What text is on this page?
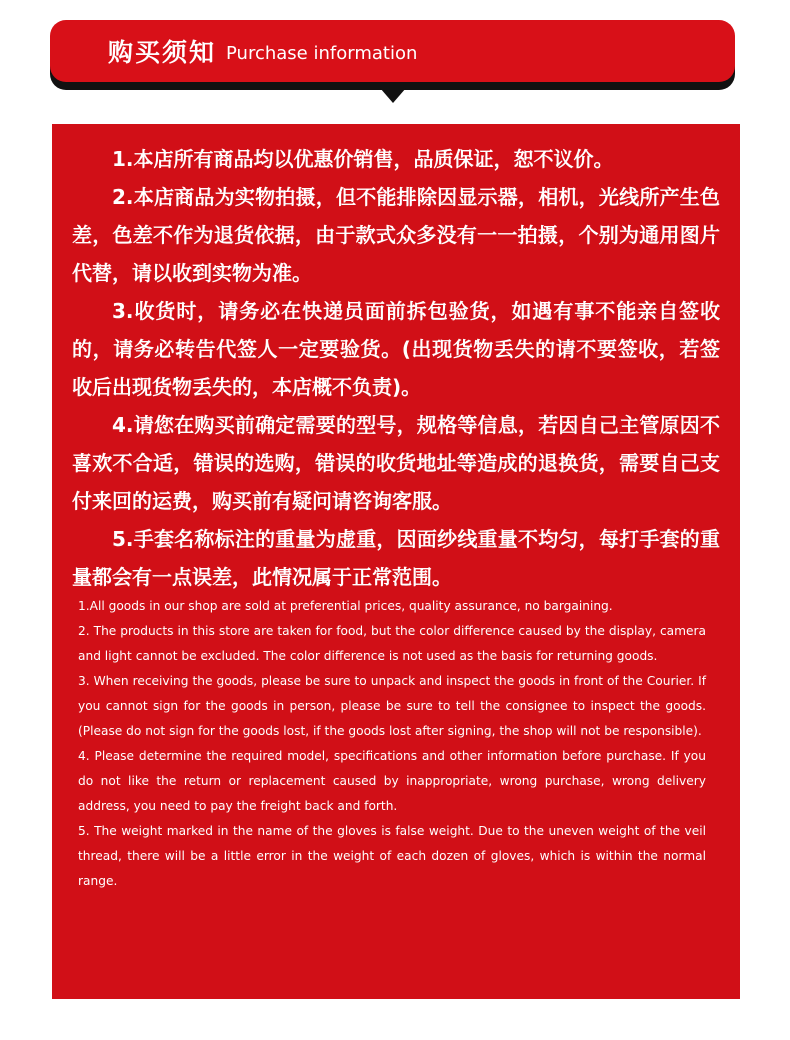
购买须知 Purchase information

1.本店所有商品均以优惠价销售，品质保证，恕不议价。

2.本店商品为实物拍摄，但不能排除因显示器，相机，光线所产生色差，色差不作为退货依据，由于款式众多没有一一拍摄，个别为通用图片代替，请以收到实物为准。

3.收货时，请务必在快递员面前拆包验货，如遇有事不能亲自签收的，请务必转告代签人一定要验货。(出现货物丢失的请不要签收，若签收后出现货物丢失的，本店概不负责)。

4.请您在购买前确定需要的型号，规格等信息，若因自己主管原因不喜欢不合适，错误的选购，错误的收货地址等造成的退换货，需要自己支付来回的运费，购买前有疑问请咨询客服。

5.手套名称标注的重量为虚重，因面纱线重量不均匀，每打手套的重量都会有一点误差，此情况属于正常范围。

1.All goods in our shop are sold at preferential prices, quality assurance, no bargaining.

2. The products in this store are taken for food, but the color difference caused by the display, camera and light cannot be excluded. The color difference is not used as the basis for returning goods.

3. When receiving the goods, please be sure to unpack and inspect the goods in front of the Courier. If you cannot sign for the goods in person, please be sure to tell the consignee to inspect the goods. (Please do not sign for the goods lost, if the goods lost after signing, the shop will not be responsible).

4. Please determine the required model, specifications and other information before purchase. If you do not like the return or replacement caused by inappropriate, wrong purchase, wrong delivery address, you need to pay the freight back and forth.

5. The weight marked in the name of the gloves is false weight. Due to the uneven weight of the veil thread, there will be a little error in the weight of each dozen of gloves, which is within the normal range.
